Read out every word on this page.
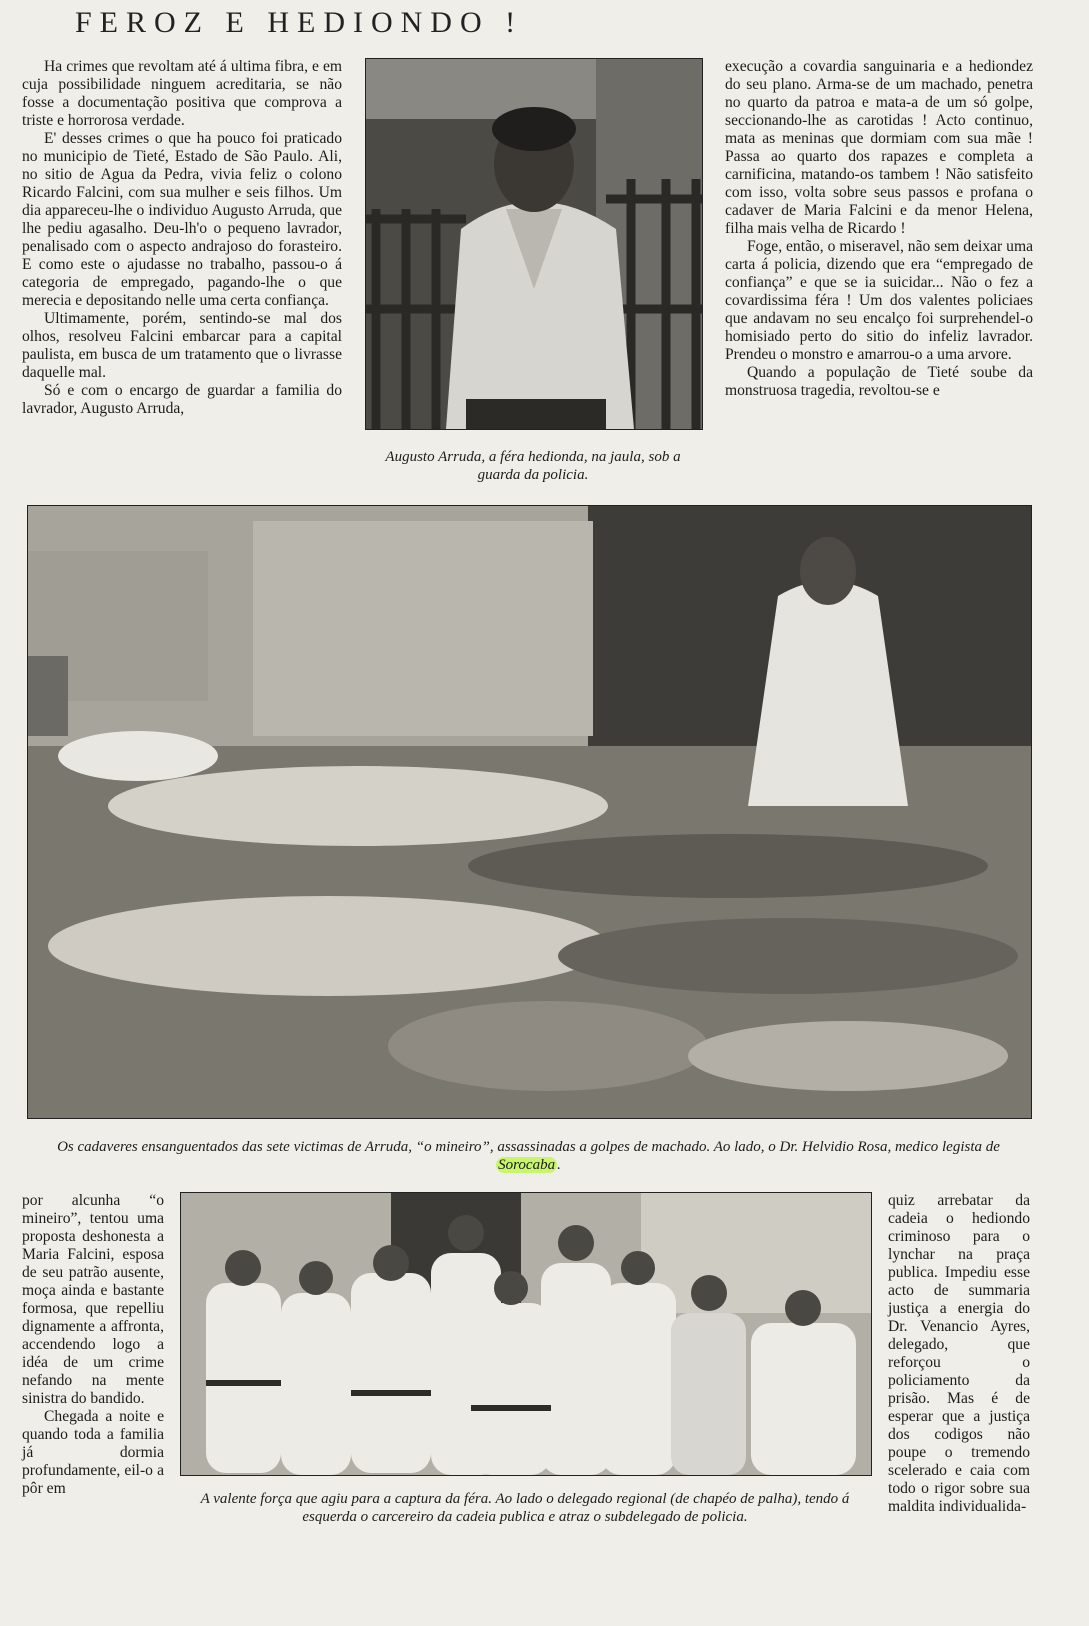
FEROZ E HEDIONDO !

Ha crimes que revoltam até á ultima fibra, e em cuja possibilidade ninguem acreditaria, se não fosse a documentação positiva que comprova a triste e horrorosa verdade.

E' desses crimes o que ha pouco foi praticado no municipio de Tieté, Estado de São Paulo. Ali, no sitio de Agua da Pedra, vivia feliz o colono Ricardo Falcini, com sua mulher e seis filhos. Um dia appareceu-lhe o individuo Augusto Arruda, que lhe pediu agasalho. Deu-lh'o o pequeno lavrador, penalisado com o aspecto andrajoso do forasteiro. E como este o ajudasse no trabalho, passou-o á categoria de empregado, pagando-lhe o que merecia e depositando nelle uma certa confiança.

Ultimamente, porém, sentindo-se mal dos olhos, resolveu Falcini embarcar para a capital paulista, em busca de um tratamento que o livrasse daquelle mal.

Só e com o encargo de guardar a familia do lavrador, Augusto Arruda,

Augusto Arruda, a féra hedionda, na jaula, sob a guarda da policia.

execução a covardia sanguinaria e a hediondez do seu plano. Arma-se de um machado, penetra no quarto da patroa e mata-a de um só golpe, seccionando-lhe as carotidas ! Acto continuo, mata as meninas que dormiam com sua mãe ! Passa ao quarto dos rapazes e completa a carnificina, matando-os tambem ! Não satisfeito com isso, volta sobre seus passos e profana o cadaver de Maria Falcini e da menor Helena, filha mais velha de Ricardo !

Foge, então, o miseravel, não sem deixar uma carta á policia, dizendo que era “empregado de confiança” e que se ia suicidar... Não o fez a covardissima féra ! Um dos valentes policiaes que andavam no seu encalço foi surprehendel-o homisiado perto do sitio do infeliz lavrador. Prendeu o monstro e amarrou-o a uma arvore.

Quando a população de Tieté soube da monstruosa tragedia, revoltou-se e

Os cadaveres ensanguentados das sete victimas de Arruda, “o mineiro”, assassinadas a golpes de machado. Ao lado, o Dr. Helvidio Rosa, medico legista de Sorocaba .

por alcunha “o mineiro”, tentou uma proposta deshonesta a Maria Falcini, esposa de seu patrão ausente, moça ainda e bastante formosa, que repelliu dignamente a affronta, accendendo logo a idéa de um crime nefando na mente sinistra do bandido.

Chegada a noite e quando toda a familia já dormia profundamente, eil-o a pôr em

A valente força que agiu para a captura da féra. Ao lado o delegado regional (de chapéo de palha), tendo á esquerda o carcereiro da cadeia publica e atraz o subdelegado de policia.

quiz arrebatar da cadeia o hediondo criminoso para o lynchar na praça publica. Impediu esse acto de summaria justiça a energia do Dr. Venancio Ayres, delegado, que reforçou o policiamento da prisão. Mas é de esperar que a justiça dos codigos não poupe o tremendo scelerado e caia com todo o rigor sobre sua maldita individualida-
